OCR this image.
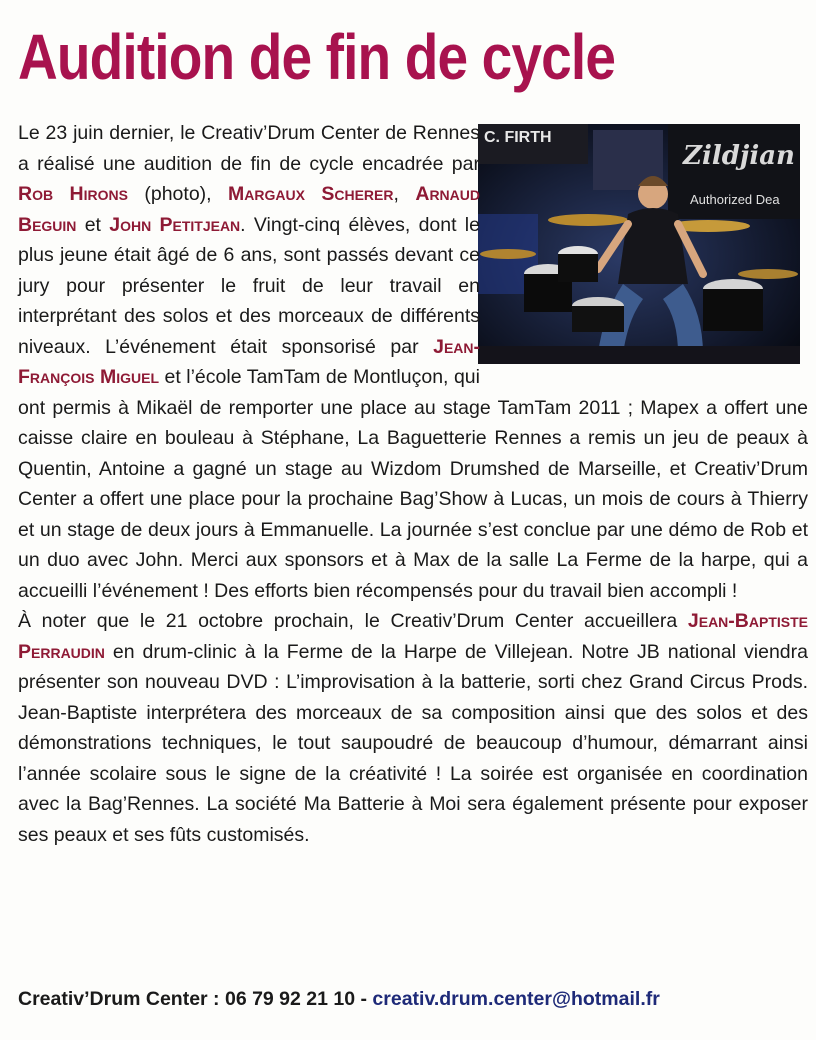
Audition de fin de cycle
C. FIRTH
Zildjian
Authorized Dea

Le 23 juin dernier, le Creativ’Drum Center de Rennes a réalisé une audition de fin de cycle encadrée par Rob Hirons (photo), Margaux Scherer, Arnaud Beguin et John Petitjean. Vingt-cinq élèves, dont le plus jeune était âgé de 6 ans, sont passés devant ce jury pour présenter le fruit de leur travail en interprétant des solos et des morceaux de différents niveaux. L’événement était sponsorisé par Jean-François Miguel et l’école TamTam de Montluçon, qui ont permis à Mikaël de remporter une place au stage TamTam 2011 ; Mapex a offert une caisse claire en bouleau à Stéphane, La Baguetterie Rennes a remis un jeu de peaux à Quentin, Antoine a gagné un stage au Wizdom Drumshed de Marseille, et Creativ’Drum Center a offert une place pour la prochaine Bag’Show à Lucas, un mois de cours à Thierry et un stage de deux jours à Emmanuelle. La journée s’est conclue par une démo de Rob et un duo avec John. Merci aux sponsors et à Max de la salle La Ferme de la harpe, qui a accueilli l’événement ! Des efforts bien récompensés pour du travail bien accompli !

À noter que le 21 octobre prochain, le Creativ’Drum Center accueillera Jean-Baptiste Perraudin en drum-clinic à la Ferme de la Harpe de Villejean. Notre JB national viendra présenter son nouveau DVD : L’improvisation à la batterie, sorti chez Grand Circus Prods. Jean-Baptiste interprétera des morceaux de sa composition ainsi que des solos et des démonstrations techniques, le tout saupoudré de beaucoup d’humour, démarrant ainsi l’année scolaire sous le signe de la créativité ! La soirée est organisée en coordination avec la Bag’Rennes. La société Ma Batterie à Moi sera également présente pour exposer ses peaux et ses fûts customisés.

Creativ’Drum Center : 06 79 92 21 10 - creativ.drum.center@hotmail.fr
